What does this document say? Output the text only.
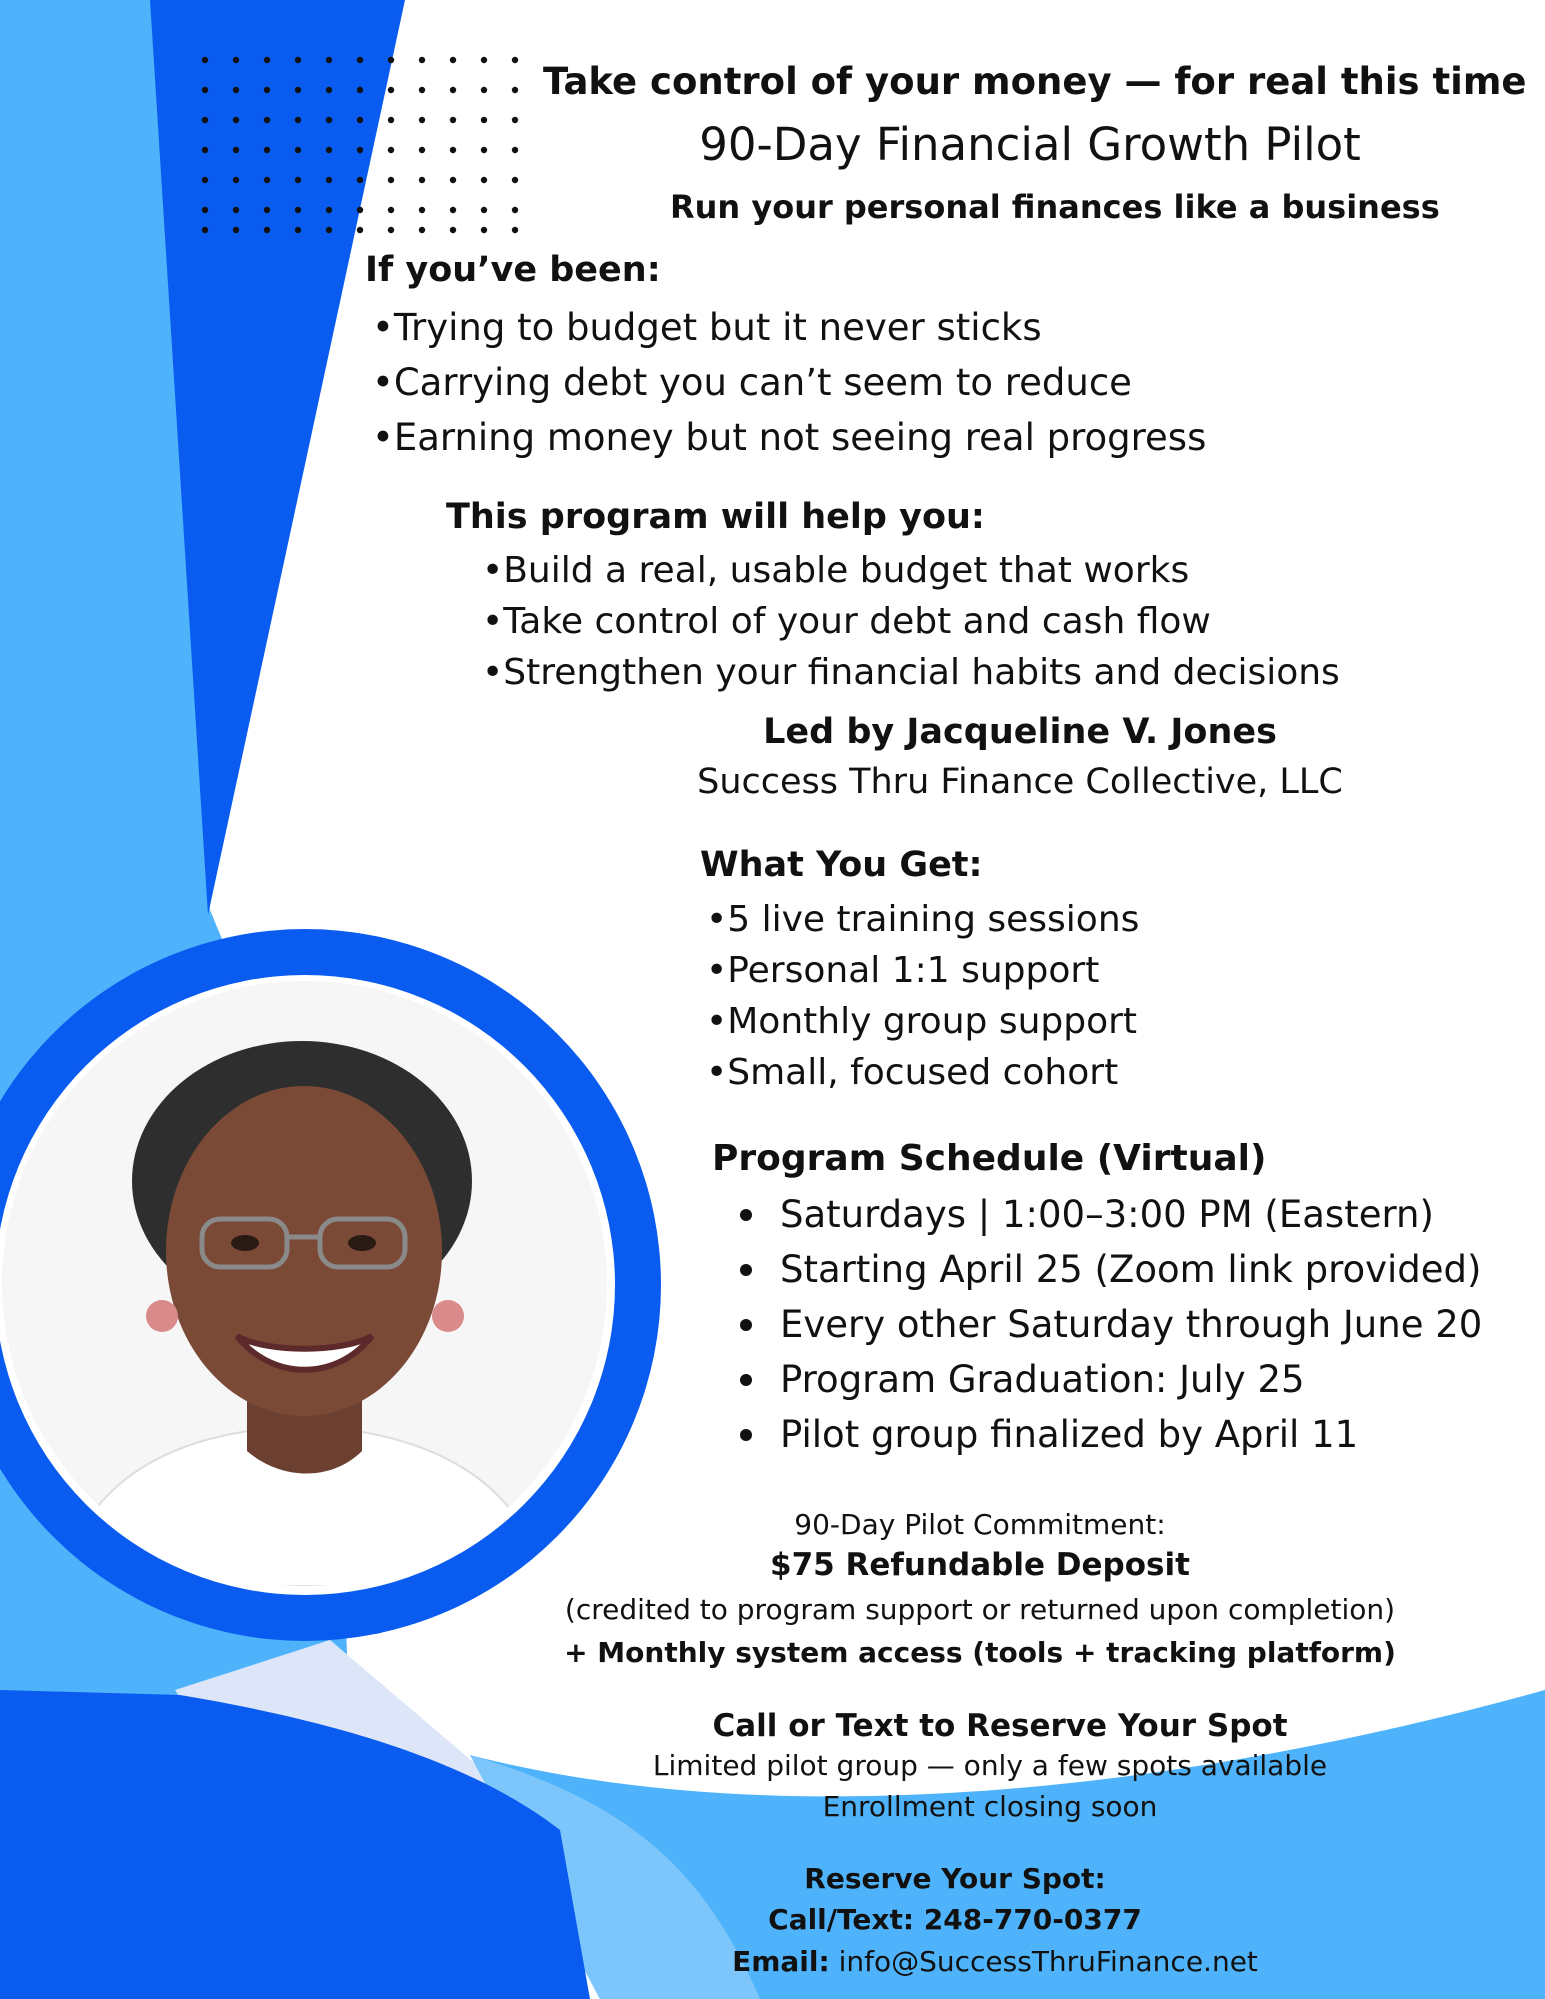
Take control of your money — for real this time

90-Day Financial Growth Pilot

Run your personal finances like a business

If you’ve been:

• Trying to budget but it never sticks
• Carrying debt you can’t seem to reduce
• Earning money but not seeing real progress

This program will help you:

• Build a real, usable budget that works
• Take control of your debt and cash flow
• Strengthen your financial habits and decisions

Led by Jacqueline V. Jones

Success Thru Finance Collective, LLC

What You Get:

• 5 live training sessions
• Personal 1:1 support
• Monthly group support
• Small, focused cohort

Program Schedule (Virtual)

Saturdays | 1:00–3:00 PM (Eastern)
Starting April 25 (Zoom link provided)
Every other Saturday through June 20
Program Graduation: July 25
Pilot group finalized by April 11

90-Day Pilot Commitment:

$75 Refundable Deposit

(credited to program support or returned upon completion)

+ Monthly system access (tools + tracking platform)

Call or Text to Reserve Your Spot

Limited pilot group — only a few spots available

Enrollment closing soon

Reserve Your Spot:

Call/Text: 248-770-0377

Email: info@SuccessThruFinance.net
